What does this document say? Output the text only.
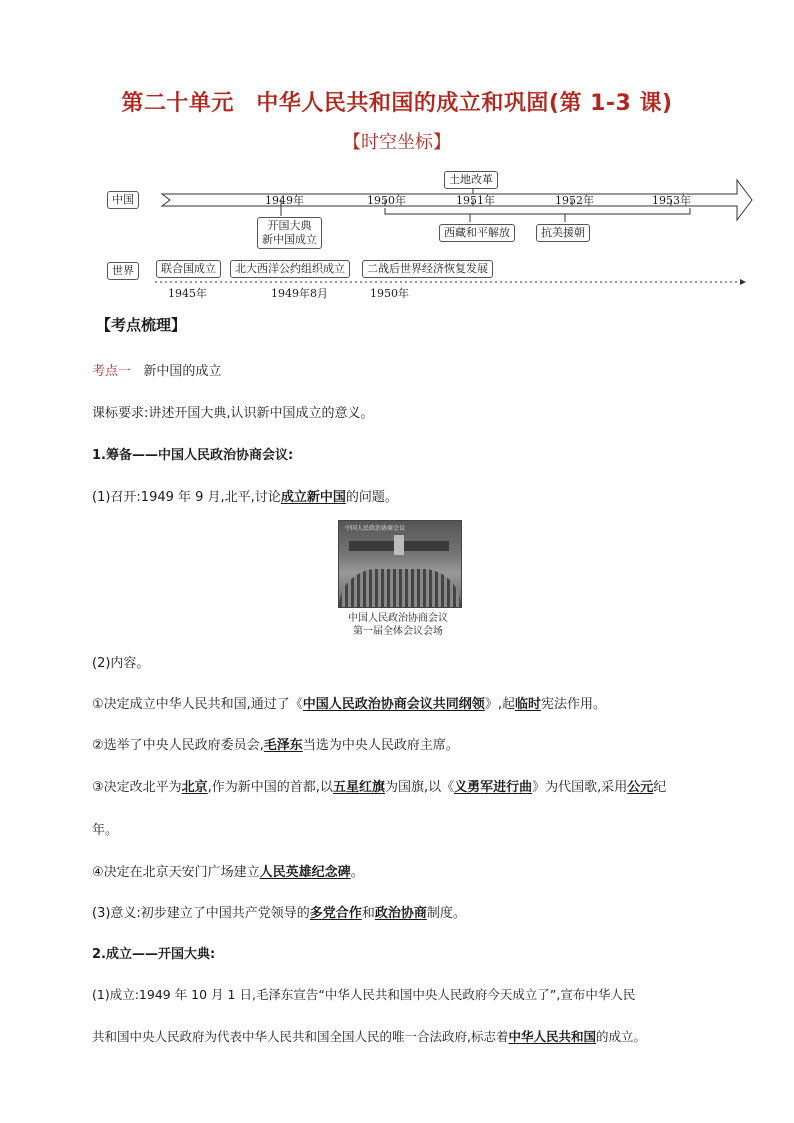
第二十单元　中华人民共和国的成立和巩固(第 1-3 课)
【时空坐标】
中国
世界
1949年	1950年	1951年	1952年	1953年
土地改革
开国大典
新中国成立
西藏和平解放	抗美援朝
联合国成立	北大西洋公约组织成立	二战后世界经济恢复发展
1945年	1949年8月	1950年
【考点梳理】
考点一 新中国的成立
课标要求:讲述开国大典,认识新中国成立的意义。
1.筹备——中国人民政治协商会议:
(1)召开:1949 年 9 月,北平,讨论成立新中国的问题。
中国人民政治协商会议
中国人民政治协商会议
第一届全体会议会场
(2)内容。
①决定成立中华人民共和国,通过了《中国人民政治协商会议共同纲领》,起临时宪法作用。
②选举了中央人民政府委员会,毛泽东当选为中央人民政府主席。
③决定改北平为北京,作为新中国的首都,以五星红旗为国旗,以《义勇军进行曲》为代国歌,采用公元纪
年。
④决定在北京天安门广场建立人民英雄纪念碑。
(3)意义:初步建立了中国共产党领导的多党合作和政治协商制度。
2.成立——开国大典:
(1)成立:1949 年 10 月 1 日,毛泽东宣告“中华人民共和国中央人民政府今天成立了”,宣布中华人民
共和国中央人民政府为代表中华人民共和国全国人民的唯一合法政府,标志着中华人民共和国的成立。
